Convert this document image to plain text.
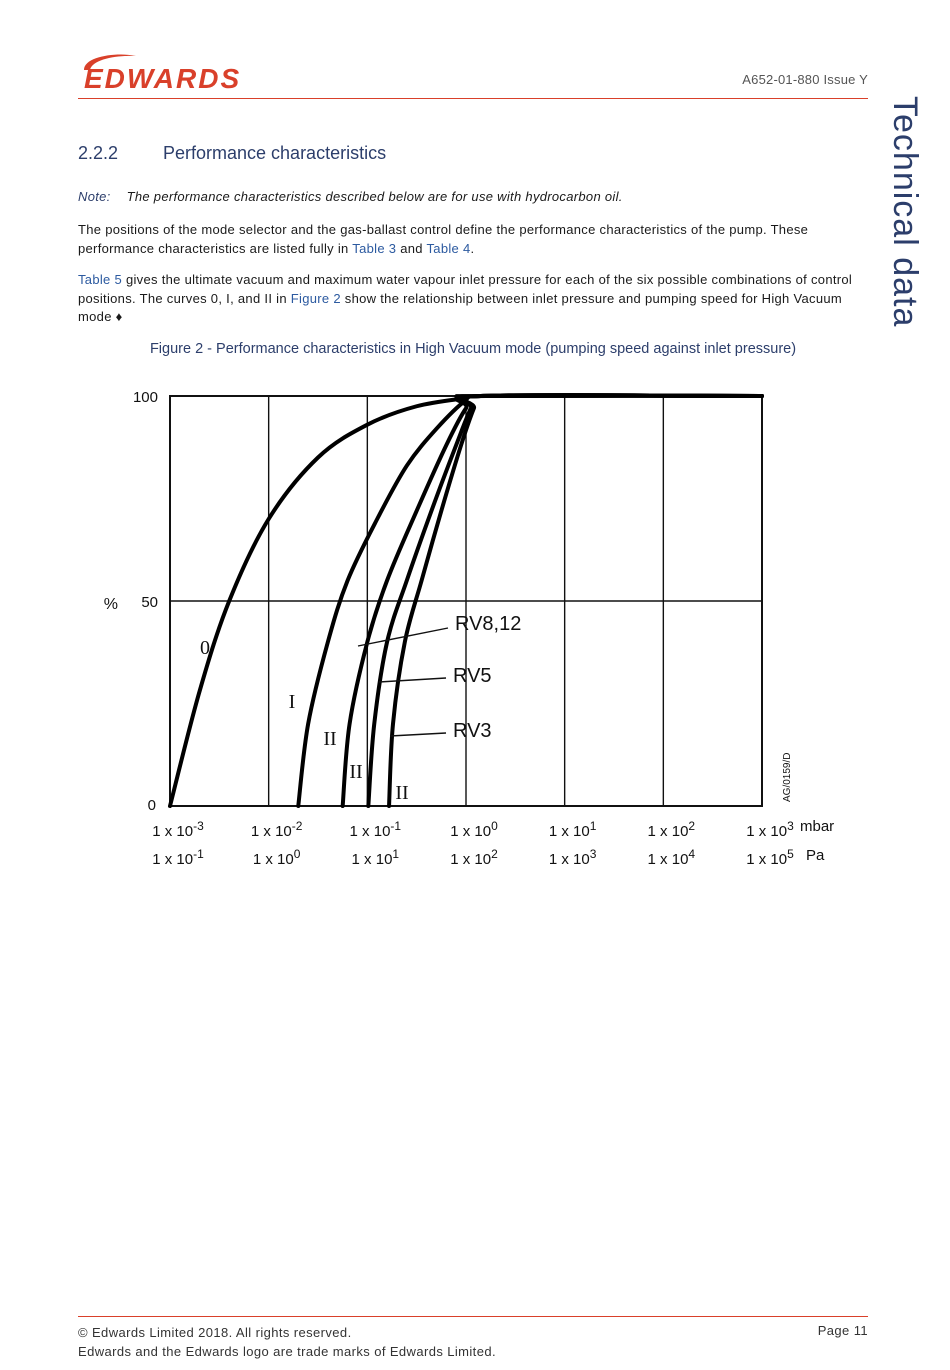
EDWARDS	A652-01-880 Issue Y
Technical data
2.2.2 Performance characteristics
Note: The performance characteristics described below are for use with hydrocarbon oil.
The positions of the mode selector and the gas-ballast control define the performance characteristics of the pump. These performance characteristics are listed fully in Table 3 and Table 4.
Table 5 gives the ultimate vacuum and maximum water vapour inlet pressure for each of the six possible combinations of control positions. The curves 0, I, and II in Figure 2 show the relationship between inlet pressure and pumping speed for High Vacuum mode ♦
Figure 2 - Performance characteristics in High Vacuum mode (pumping speed against inlet pressure)
100
50
0
%
1 x $10^{-3}$	1 x $10^{-2}$	1 x $10^{-1}$	1 x $10^0$	1 x $10^1$	1 x $10^2$	1 x $10^3$
1 x $10^{-1}$	1 x $10^0$	1 x $10^1$	1 x $10^2$	1 x $10^3$	1 x $10^4$	1 x $10^5$
mbar
Pa
0
I
II
II
II
RV8,12
RV5
RV3
AG/0159/D
© Edwards Limited 2018. All rights reserved.
Edwards and the Edwards logo are trade marks of Edwards Limited.
Page 11
